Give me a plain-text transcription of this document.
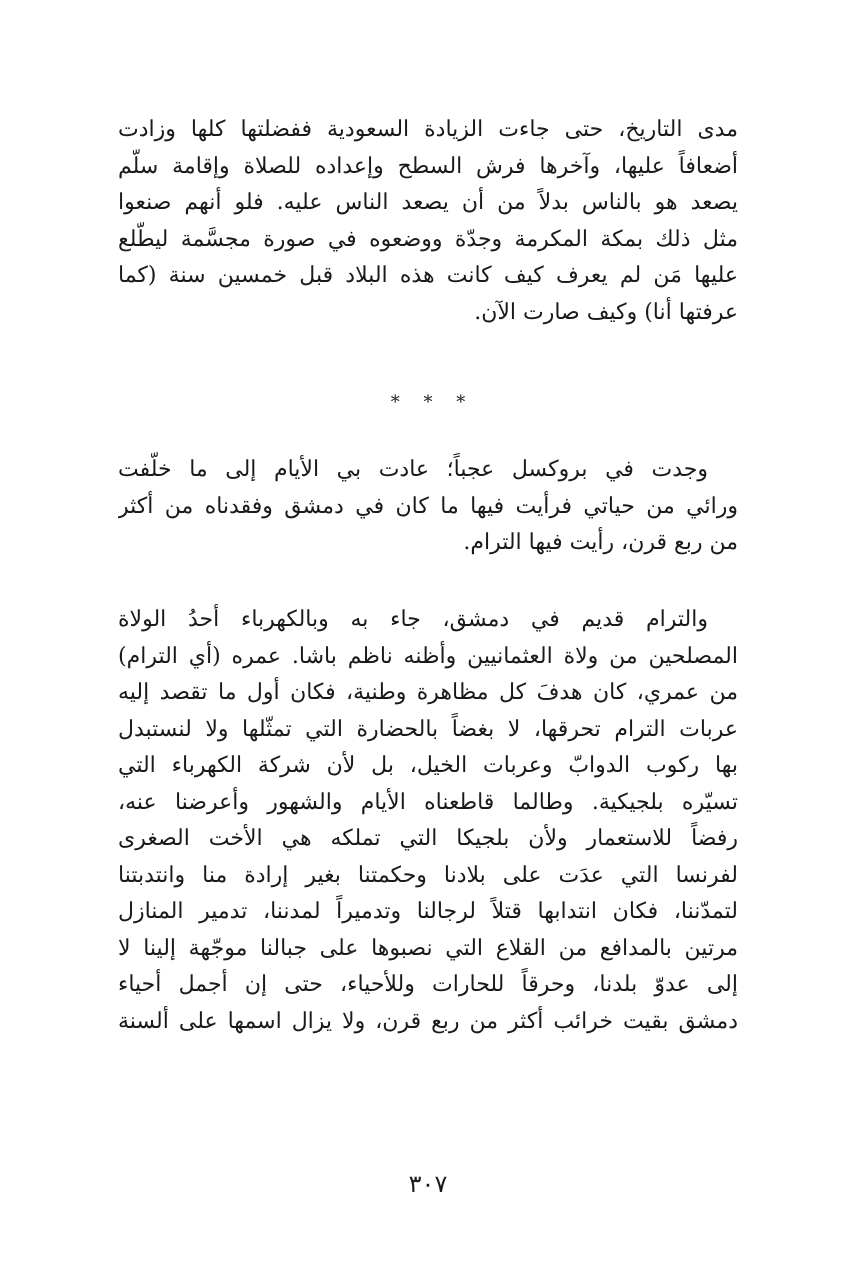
مدى التاريخ، حتى جاءت الزيادة السعودية ففضلتها كلها وزادت
أضعافاً عليها، وآخرها فرش السطح وإعداده للصلاة وإقامة سلّم
يصعد هو بالناس بدلاً من أن يصعد الناس عليه. فلو أنهم صنعوا
مثل ذلك بمكة المكرمة وجدّة ووضعوه في صورة مجسَّمة ليطّلع
عليها مَن لم يعرف كيف كانت هذه البلاد قبل خمسين سنة (كما
عرفتها أنا) وكيف صارت الآن.
* * *
وجدت في بروكسل عجباً؛ عادت بي الأيام إلى ما خلّفت
ورائي من حياتي فرأيت فيها ما كان في دمشق وفقدناه من أكثر
من ربع قرن، رأيت فيها الترام.
والترام قديم في دمشق، جاء به وبالكهرباء أحدُ الولاة
المصلحين من ولاة العثمانيين وأظنه ناظم باشا. عمره (أي الترام)
من عمري، كان هدفَ كل مظاهرة وطنية، فكان أول ما تقصد إليه
عربات الترام تحرقها، لا بغضاً بالحضارة التي تمثّلها ولا لنستبدل
بها ركوب الدوابّ وعربات الخيل، بل لأن شركة الكهرباء التي
تسيّره بلجيكية. وطالما قاطعناه الأيام والشهور وأعرضنا عنه،
رفضاً للاستعمار ولأن بلجيكا التي تملكه هي الأخت الصغرى
لفرنسا التي عدَت على بلادنا وحكمتنا بغير إرادة منا وانتدبتنا
لتمدّننا، فكان انتدابها قتلاً لرجالنا وتدميراً لمدننا، تدمير المنازل
مرتين بالمدافع من القلاع التي نصبوها على جبالنا موجّهة إلينا لا
إلى عدوّ بلدنا، وحرقاً للحارات وللأحياء، حتى إن أجمل أحياء
دمشق بقيت خرائب أكثر من ربع قرن، ولا يزال اسمها على ألسنة
٣٠٧
